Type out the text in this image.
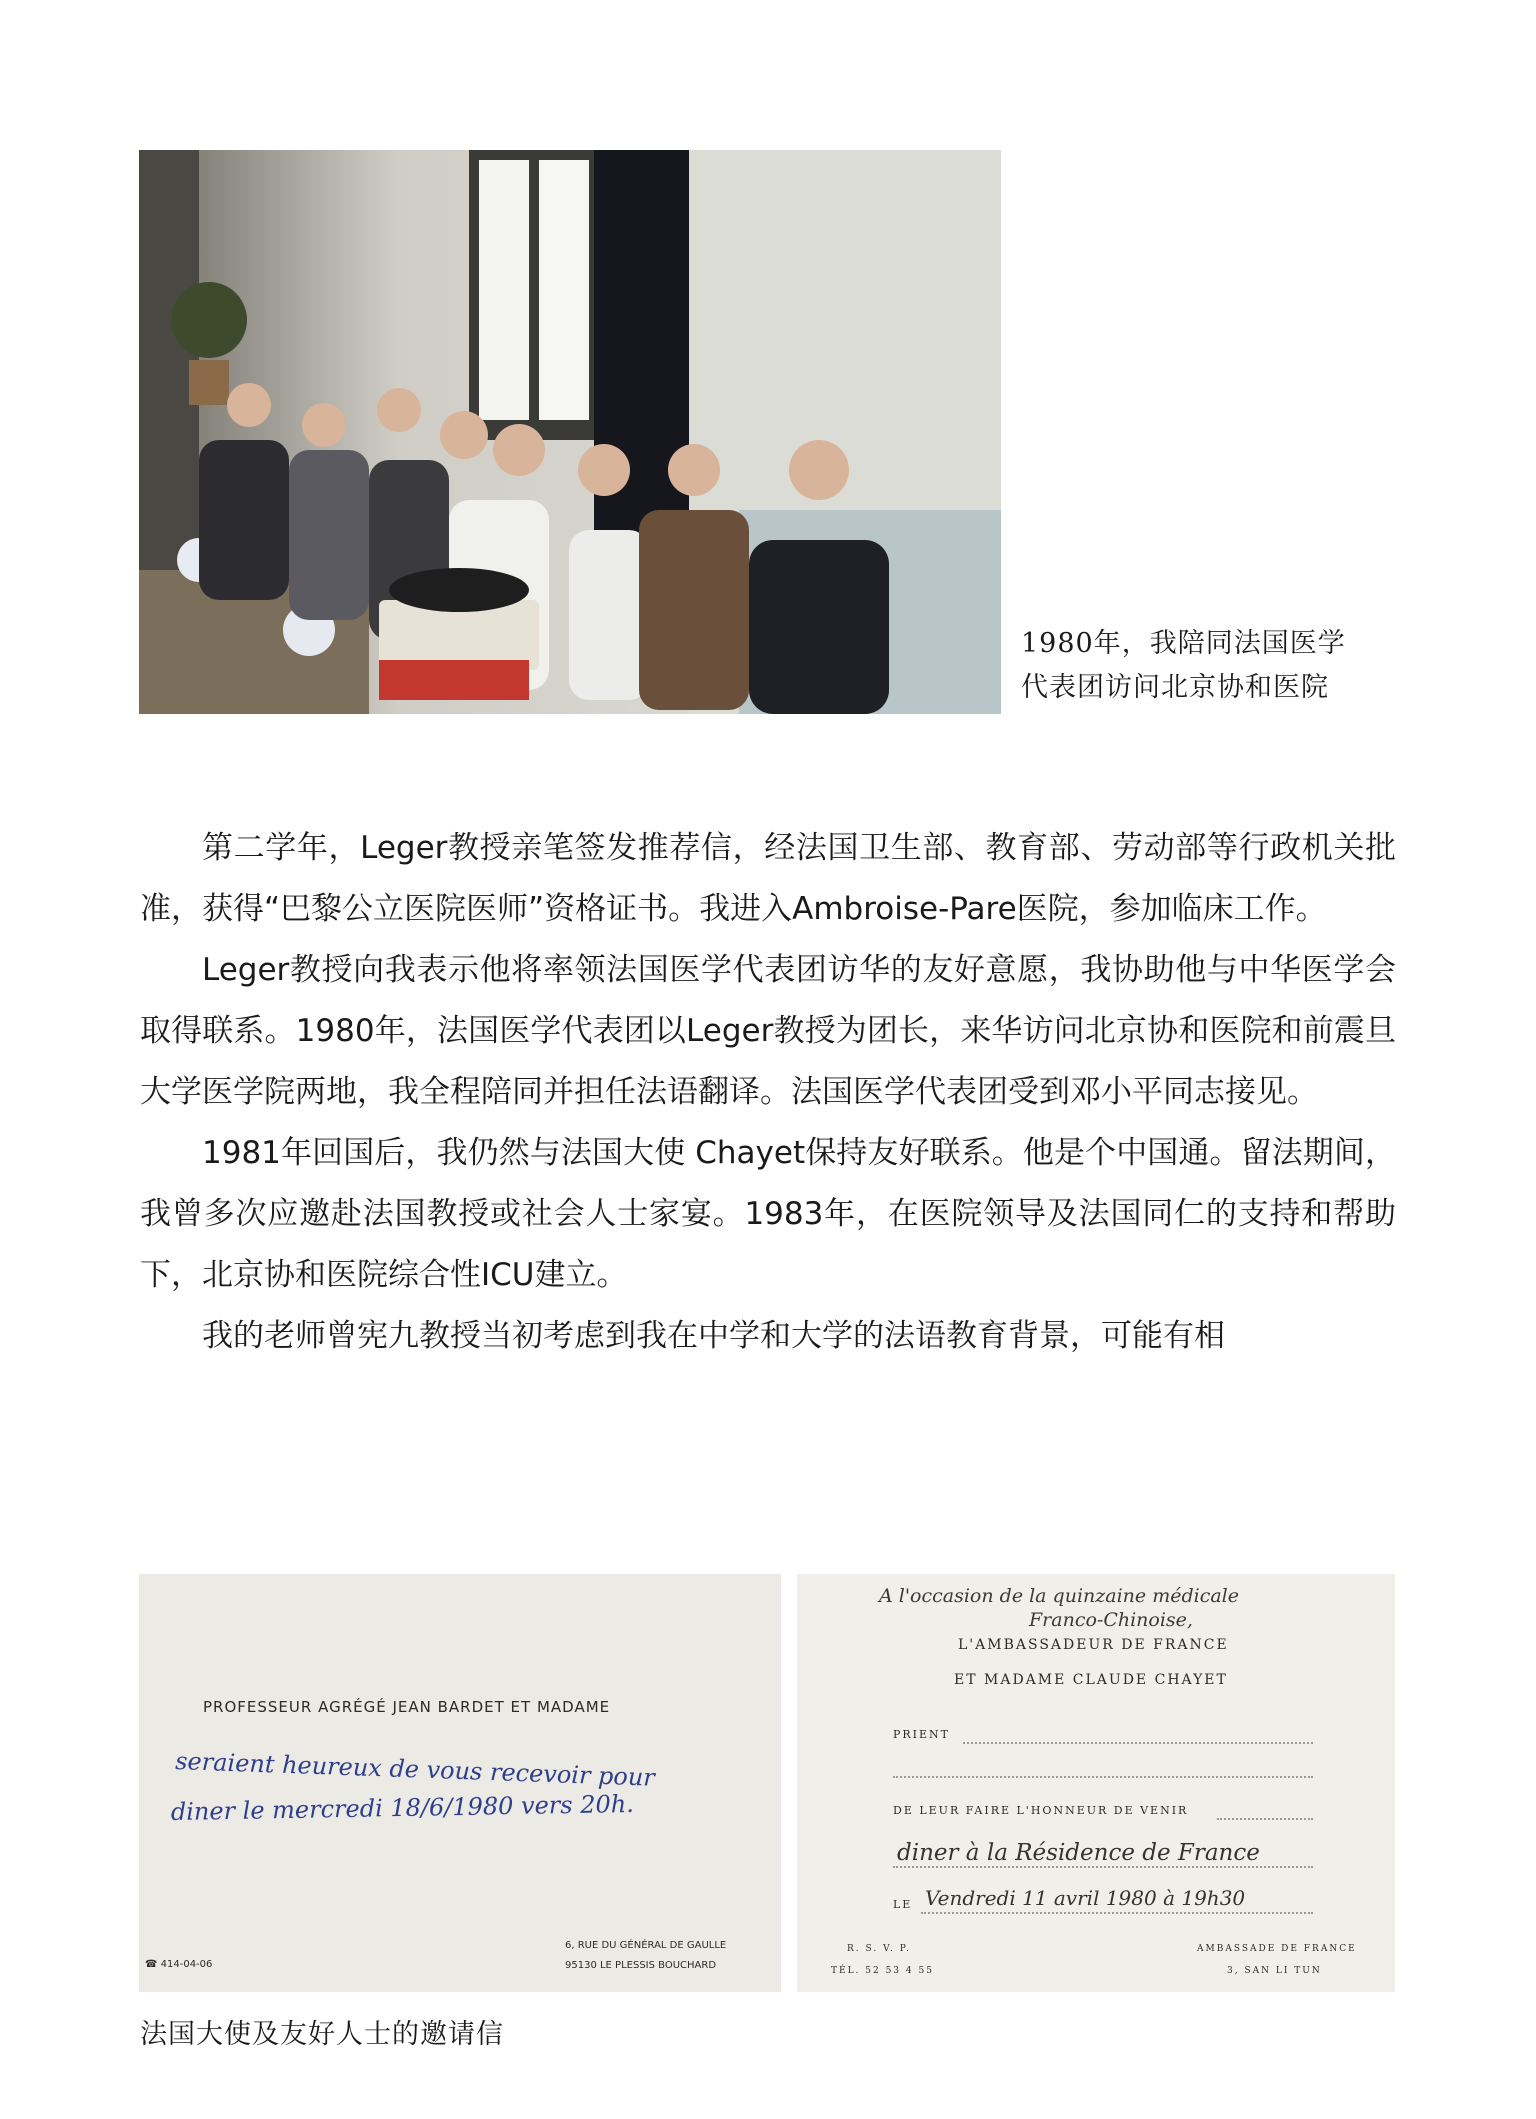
1980年，我陪同法国医学
代表团访问北京协和医院

第二学年，Leger教授亲笔签发推荐信，经法国卫生部、教育部、劳动部等行政机关批准，获得“巴黎公立医院医师”资格证书。我进入Ambroise-Pare医院，参加临床工作。

Leger教授向我表示他将率领法国医学代表团访华的友好意愿，我协助他与中华医学会取得联系。1980年，法国医学代表团以Leger教授为团长，来华访问北京协和医院和前震旦大学医学院两地，我全程陪同并担任法语翻译。法国医学代表团受到邓小平同志接见。

1981年回国后，我仍然与法国大使 Chayet保持友好联系。他是个中国通。留法期间，我曾多次应邀赴法国教授或社会人士家宴。1983年，在医院领导及法国同仁的支持和帮助下，北京协和医院综合性ICU建立。

我的老师曾宪九教授当初考虑到我在中学和大学的法语教育背景，可能有相

PROFESSEUR AGRÉGÉ JEAN BARDET ET MADAME
seraient heureux de vous recevoir pour
diner le mercredi 18/6/1980 vers 20h.
☎ 414-04-06
6, RUE DU GÉNÉRAL DE GAULLE
95130 LE PLESSIS BOUCHARD
A l'occasion de la quinzaine médicale
Franco-Chinoise,
diner à la Résidence de France
Vendredi 11 avril 1980 à 19h30
L'AMBASSADEUR DE FRANCE
ET MADAME CLAUDE CHAYET
PRIENT
DE LEUR FAIRE L'HONNEUR DE VENIR
LE
R. S. V. P.
TÉL. 52 53 4 55
AMBASSADE DE FRANCE
3, SAN LI TUN
法国大使及友好人士的邀请信
